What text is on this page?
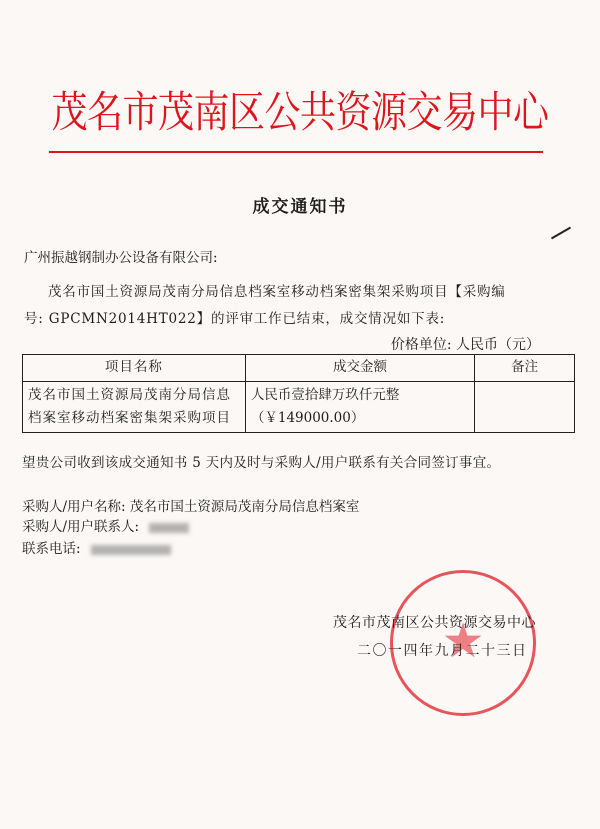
茂名市茂南区公共资源交易中心
成交通知书
广州振越钢制办公设备有限公司:
茂名市国土资源局茂南分局信息档案室移动档案密集架采购项目【采购编
号: GPCMN2014HT022】的评审工作已结束，成交情况如下表:
价格单位: 人民币（元）
项目名称	成交金额	备注
茂名市国土资源局茂南分局信息档案室移动档案密集架采购项目	人民币壹拾肆万玖仟元整
（￥149000.00）	

望贵公司收到该成交通知书 5 天内及时与采购人/用户联系有关合同签订事宜。
采购人/用户名称: 茂名市国土资源局茂南分局信息档案室
采购人/用户联系人:
联系电话:
★
茂名市茂南区公共资源交易中心
二〇一四年九月二十三日
